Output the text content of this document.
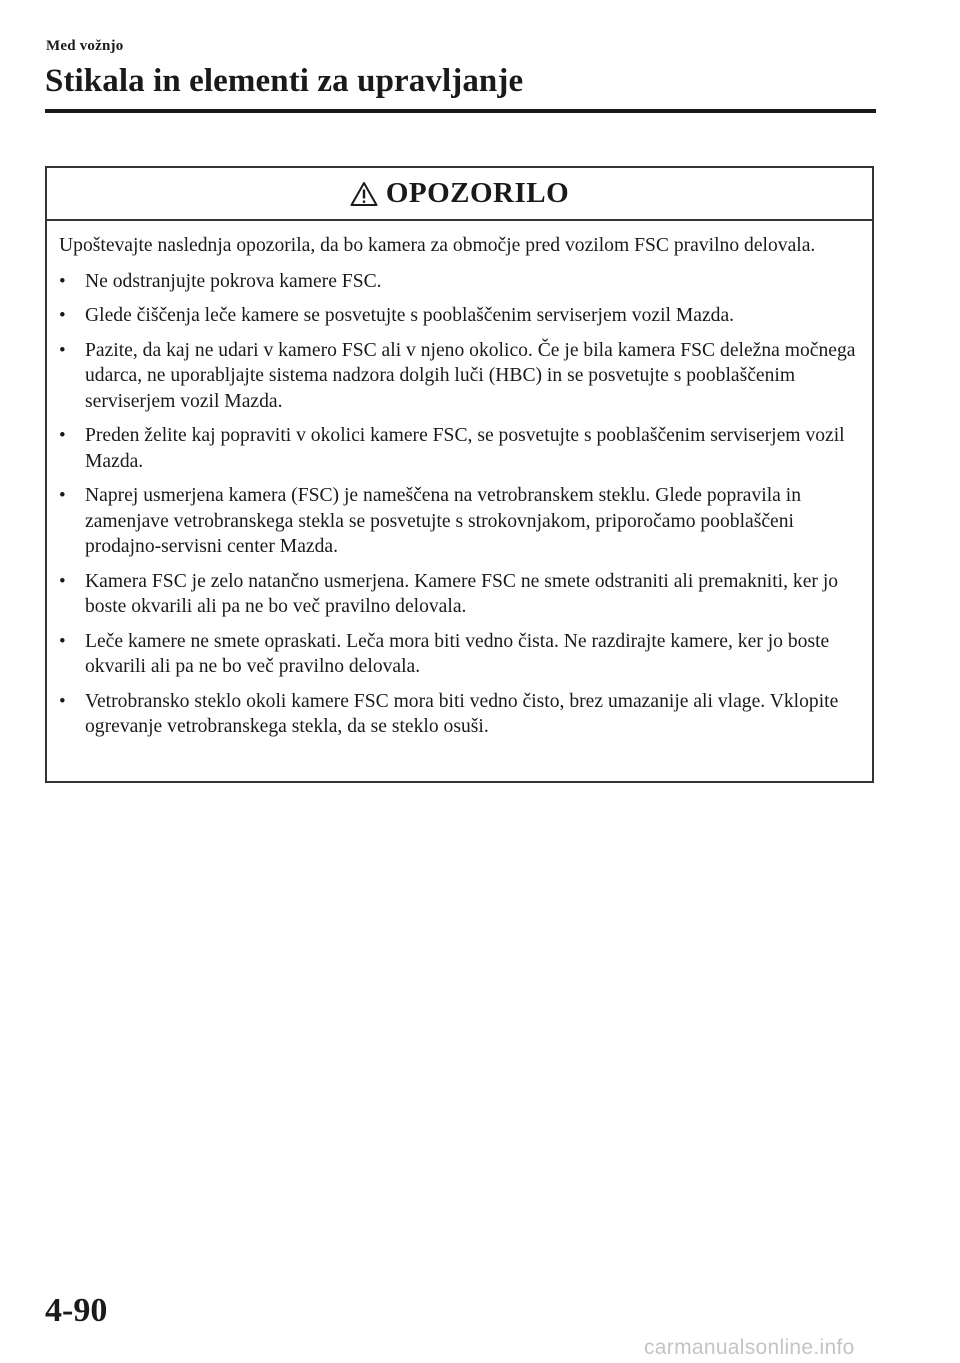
Med vožnjo
Stikala in elementi za upravljanje
OPOZORILO

Upoštevajte naslednja opozorila, da bo kamera za območje pred vozilom FSC pravilno delovala.

• Ne odstranjujte pokrova kamere FSC.
• Glede čiščenja leče kamere se posvetujte s pooblaščenim serviserjem vozil Mazda.
• Pazite, da kaj ne udari v kamero FSC ali v njeno okolico. Če je bila kamera FSC deležna močnega udarca, ne uporabljajte sistema nadzora dolgih luči (HBC) in se posvetujte s pooblaščenim serviserjem vozil Mazda.
• Preden želite kaj popraviti v okolici kamere FSC, se posvetujte s pooblaščenim serviserjem vozil Mazda.
• Naprej usmerjena kamera (FSC) je nameščena na vetrobranskem steklu. Glede popravila in zamenjave vetrobranskega stekla se posvetujte s strokovnjakom, priporočamo pooblaščeni prodajno-servisni center Mazda.
• Kamera FSC je zelo natančno usmerjena. Kamere FSC ne smete odstraniti ali premakniti, ker jo boste okvarili ali pa ne bo več pravilno delovala.
• Leče kamere ne smete opraskati. Leča mora biti vedno čista. Ne razdirajte kamere, ker jo boste okvarili ali pa ne bo več pravilno delovala.
• Vetrobransko steklo okoli kamere FSC mora biti vedno čisto, brez umazanije ali vlage. Vklopite ogrevanje vetrobranskega stekla, da se steklo osuši.
4-90
carmanualsonline.info
